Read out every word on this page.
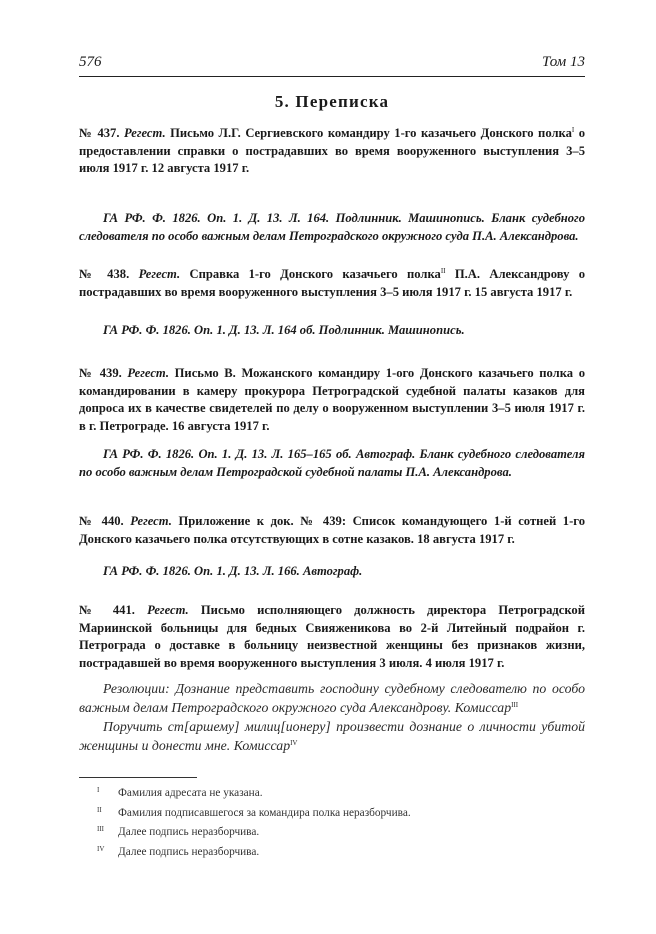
576	Том 13
5. Переписка
№ 437. Регест. Письмо Л.Г. Сергиевского командиру 1-го казачьего Донского полка$^I$ о предоставлении справки о пострадавших во время вооруженного выступления 3–5 июля 1917 г. 12 августа 1917 г.
ГА РФ. Ф. 1826. Оп. 1. Д. 13. Л. 164. Подлинник. Машинопись. Бланк судебного следователя по особо важным делам Петроградского окружного суда П.А. Александрова.
№ 438. Регест. Справка 1-го Донского казачьего полка$^{II}$ П.А. Александрову о пострадавших во время вооруженного выступления 3–5 июля 1917 г. 15 августа 1917 г.
ГА РФ. Ф. 1826. Оп. 1. Д. 13. Л. 164 об. Подлинник. Машинопись.
№ 439. Регест. Письмо В. Можанского командиру 1-ого Донского казачьего полка о командировании в камеру прокурора Петроградской судебной палаты казаков для допроса их в качестве свидетелей по делу о вооруженном выступлении 3–5 июля 1917 г. в г. Петрограде. 16 августа 1917 г.
ГА РФ. Ф. 1826. Оп. 1. Д. 13. Л. 165–165 об. Автограф. Бланк судебного следователя по особо важным делам Петроградской судебной палаты П.А. Александрова.
№ 440. Регест. Приложение к док. № 439: Список командующего 1-й сотней 1-го Донского казачьего полка отсутствующих в сотне казаков. 18 августа 1917 г.
ГА РФ. Ф. 1826. Оп. 1. Д. 13. Л. 166. Автограф.
№ 441. Регест. Письмо исполняющего должность директора Петроградской Мариинской больницы для бедных Свияженикова во 2-й Литейный подрайон г. Петрограда о доставке в больницу неизвестной женщины без признаков жизни, пострадавшей во время вооруженного выступления 3 июля. 4 июля 1917 г.
Резолюции: Дознание представить господину судебному следователю по особо важным делам Петроградского окружного суда Александрову. Комиссар$^{III}$
Поручить ст[аршему] милиц[ионеру] произвести дознание о личности убитой женщины и донести мне. Комиссар$^{IV}$
I Фамилия адресата не указана.
II Фамилия подписавшегося за командира полка неразборчива.
III Далее подпись неразборчива.
IV Далее подпись неразборчива.
